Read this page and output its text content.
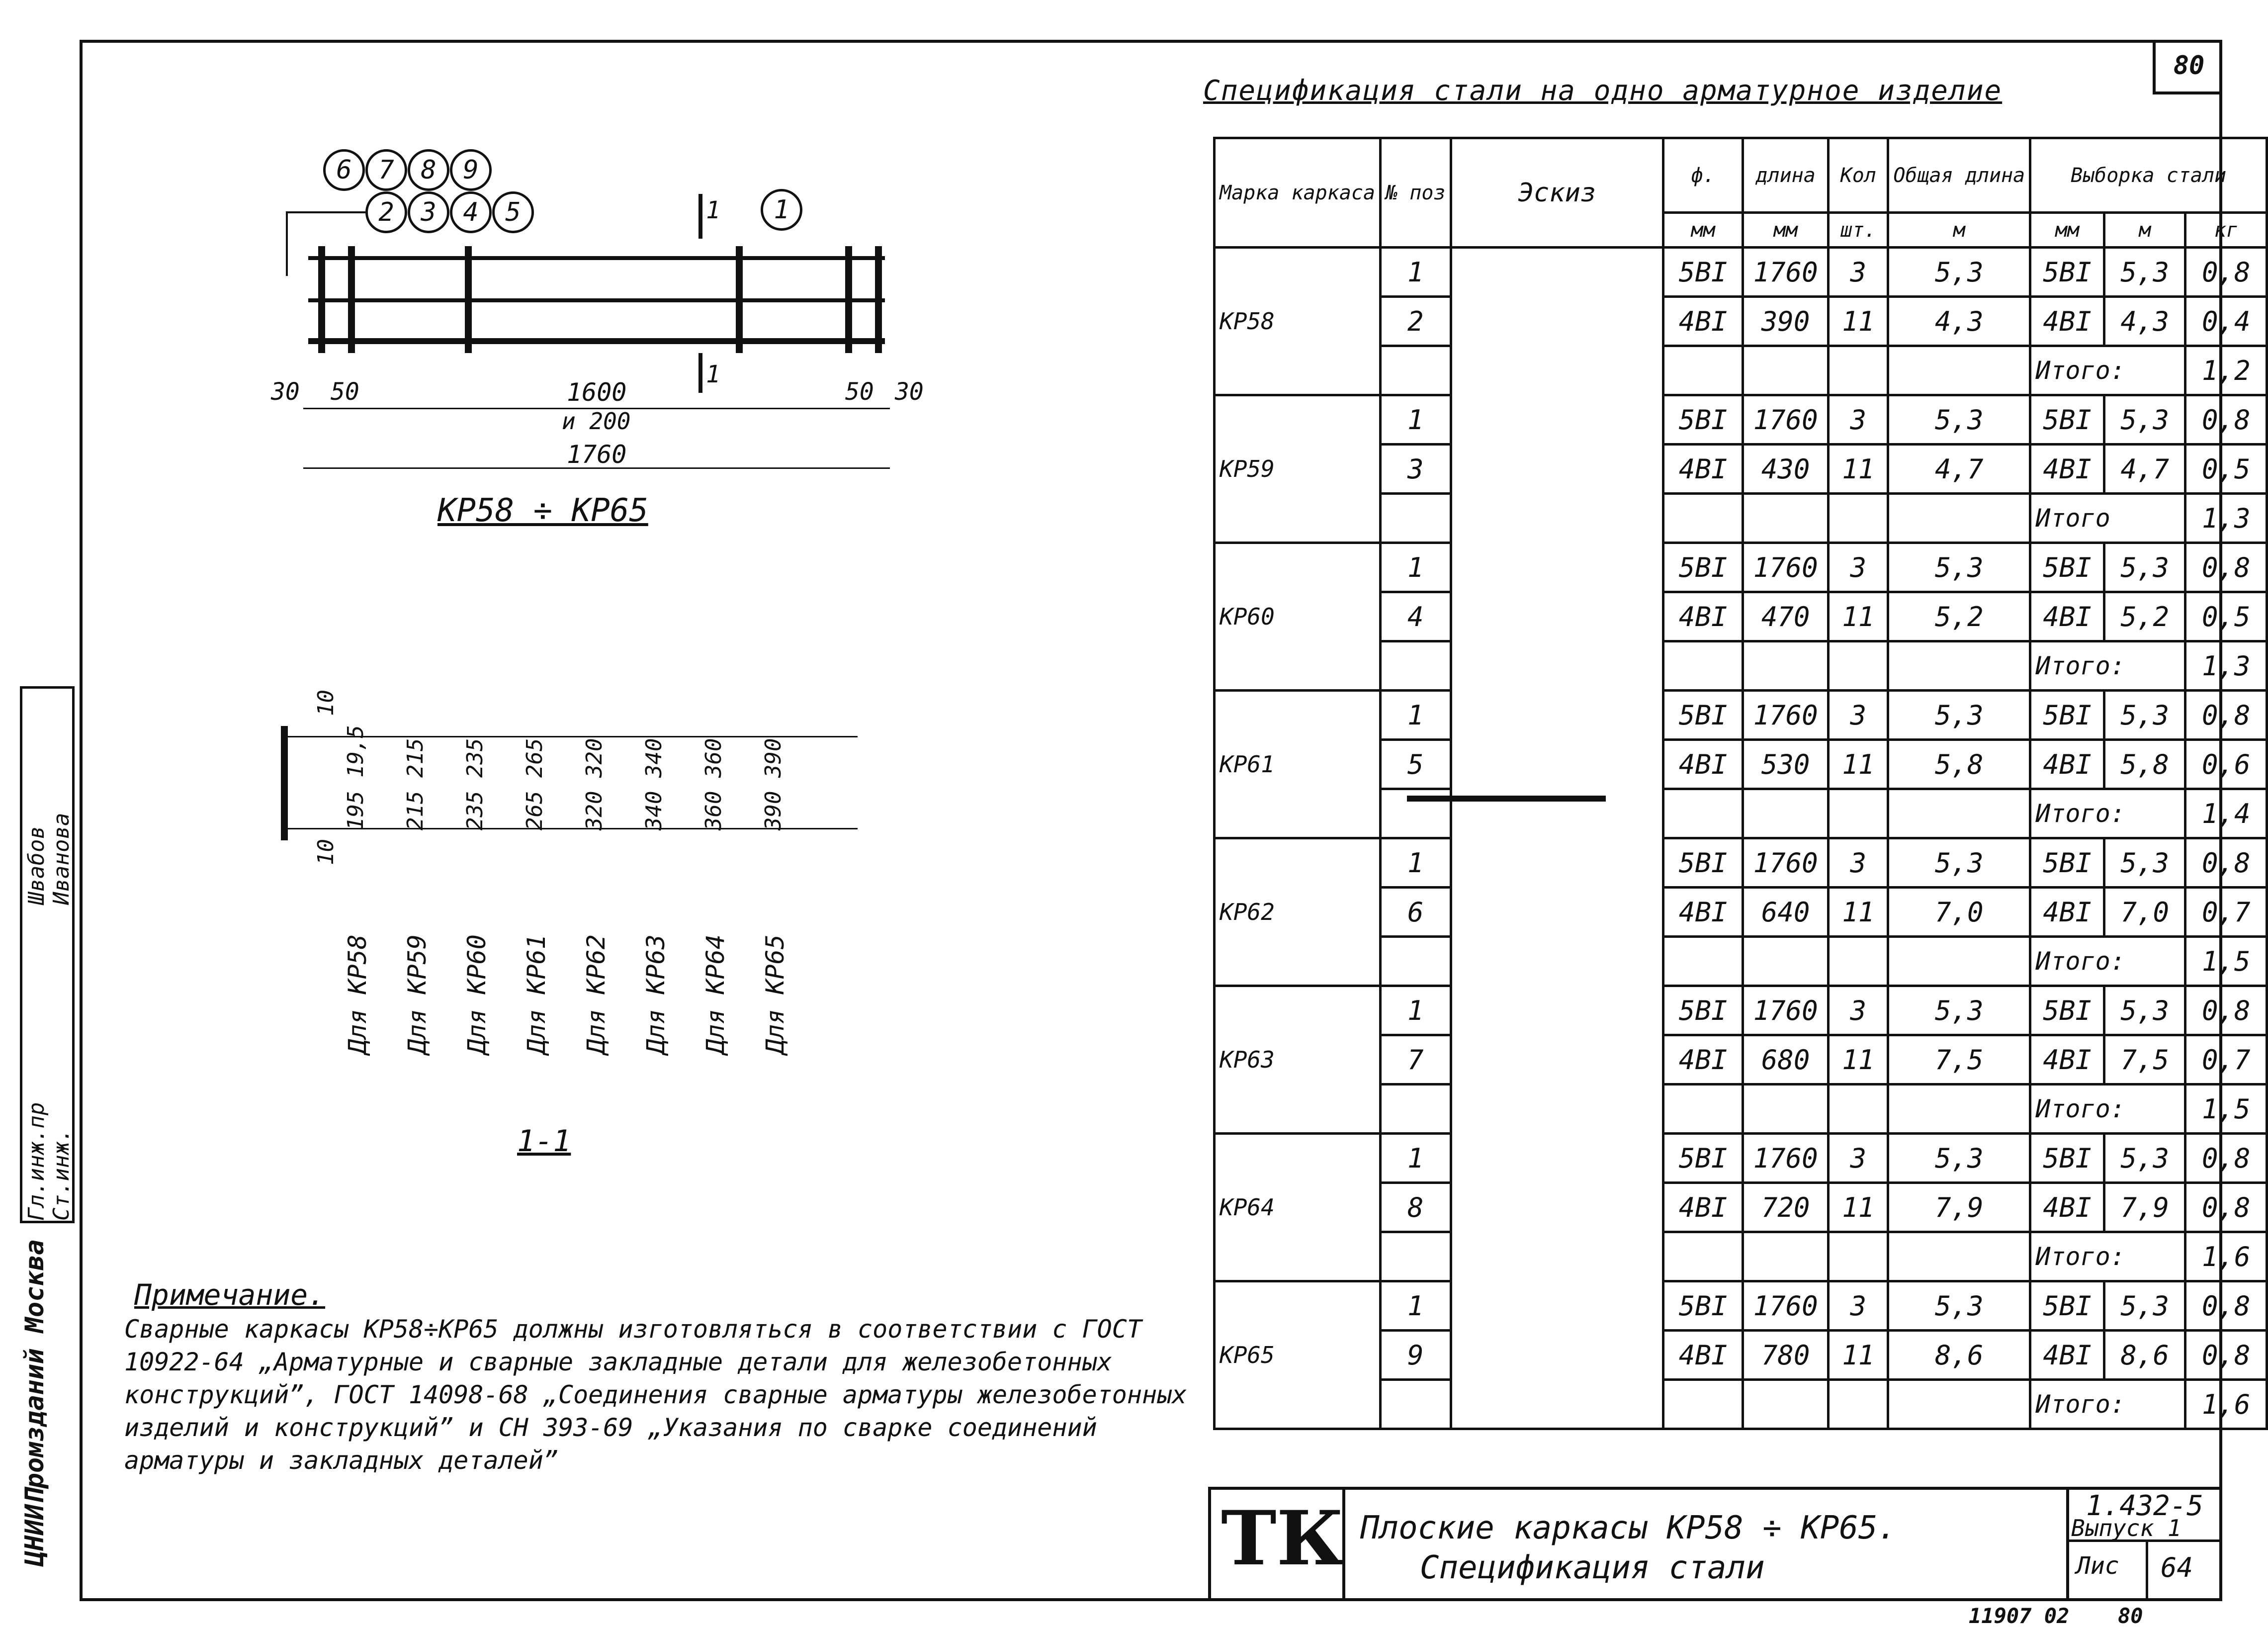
80
Гл.инж.пр Ст.инж.
Швабов Иванова
ЦНИИПромзданий Москва
6	7	8	9
2	3	4	5	1
1
1
30 50	1600
и 200
50 30
1760
КР58 ÷ КР65
10
10
195 19,5 215 215 235 235 265 265 320 320 340 340 360 360 390 390
Для КР58 Для КР59 Для КР60 Для КР61 Для КР62 Для КР63 Для КР64 Для КР65
1-1
Примечание.
Сварные каркасы КР58÷КР65 должны изготовляться в соответствии с ГОСТ 10922-64 „Арматурные и сварные закладные детали для железобетонных конструкций”, ГОСТ 14098-68 „Соединения сварные арматуры железобетонных изделий и конструкций” и СН 393-69 „Указания по сварке соединений арматуры и закладных деталей”
Спецификация стали на одно арматурное изделие
Марка каркаса	№ поз	Эскиз	ф.	длина	Кол	Общая длина	Выборка стали		
			мм	мм	шт.	м	мм	м	кг
КР58	1		5ВI	1760	3	5,3	5ВI	5,3	0,8
	2		4ВI	390	11	4,3	4ВI	4,3	0,4
							Итого:		1,2
КР59	1		5ВI	1760	3	5,3	5ВI	5,3	0,8
	3		4ВI	430	11	4,7	4ВI	4,7	0,5
							Итого		1,3
КР60	1		5ВI	1760	3	5,3	5ВI	5,3	0,8
	4		4ВI	470	11	5,2	4ВI	5,2	0,5
							Итого:		1,3
КР61	1		5ВI	1760	3	5,3	5ВI	5,3	0,8
	5		4ВI	530	11	5,8	4ВI	5,8	0,6
							Итого:		1,4
КР62	1		5ВI	1760	3	5,3	5ВI	5,3	0,8
	6		4ВI	640	11	7,0	4ВI	7,0	0,7
							Итого:		1,5
КР63	1		5ВI	1760	3	5,3	5ВI	5,3	0,8
	7		4ВI	680	11	7,5	4ВI	7,5	0,7
							Итого:		1,5
КР64	1		5ВI	1760	3	5,3	5ВI	5,3	0,8
	8		4ВI	720	11	7,9	4ВI	7,9	0,8
							Итого:		1,6
КР65	1		5ВI	1760	3	5,3	5ВI	5,3	0,8
	9		4ВI	780	11	8,6	4ВI	8,6	0,8
							Итого:		1,6
ТК Плоские каркасы КР58 ÷ КР65.
Спецификация стали
1.432-5
Выпуск 1
Лис 64
11907 02 80
